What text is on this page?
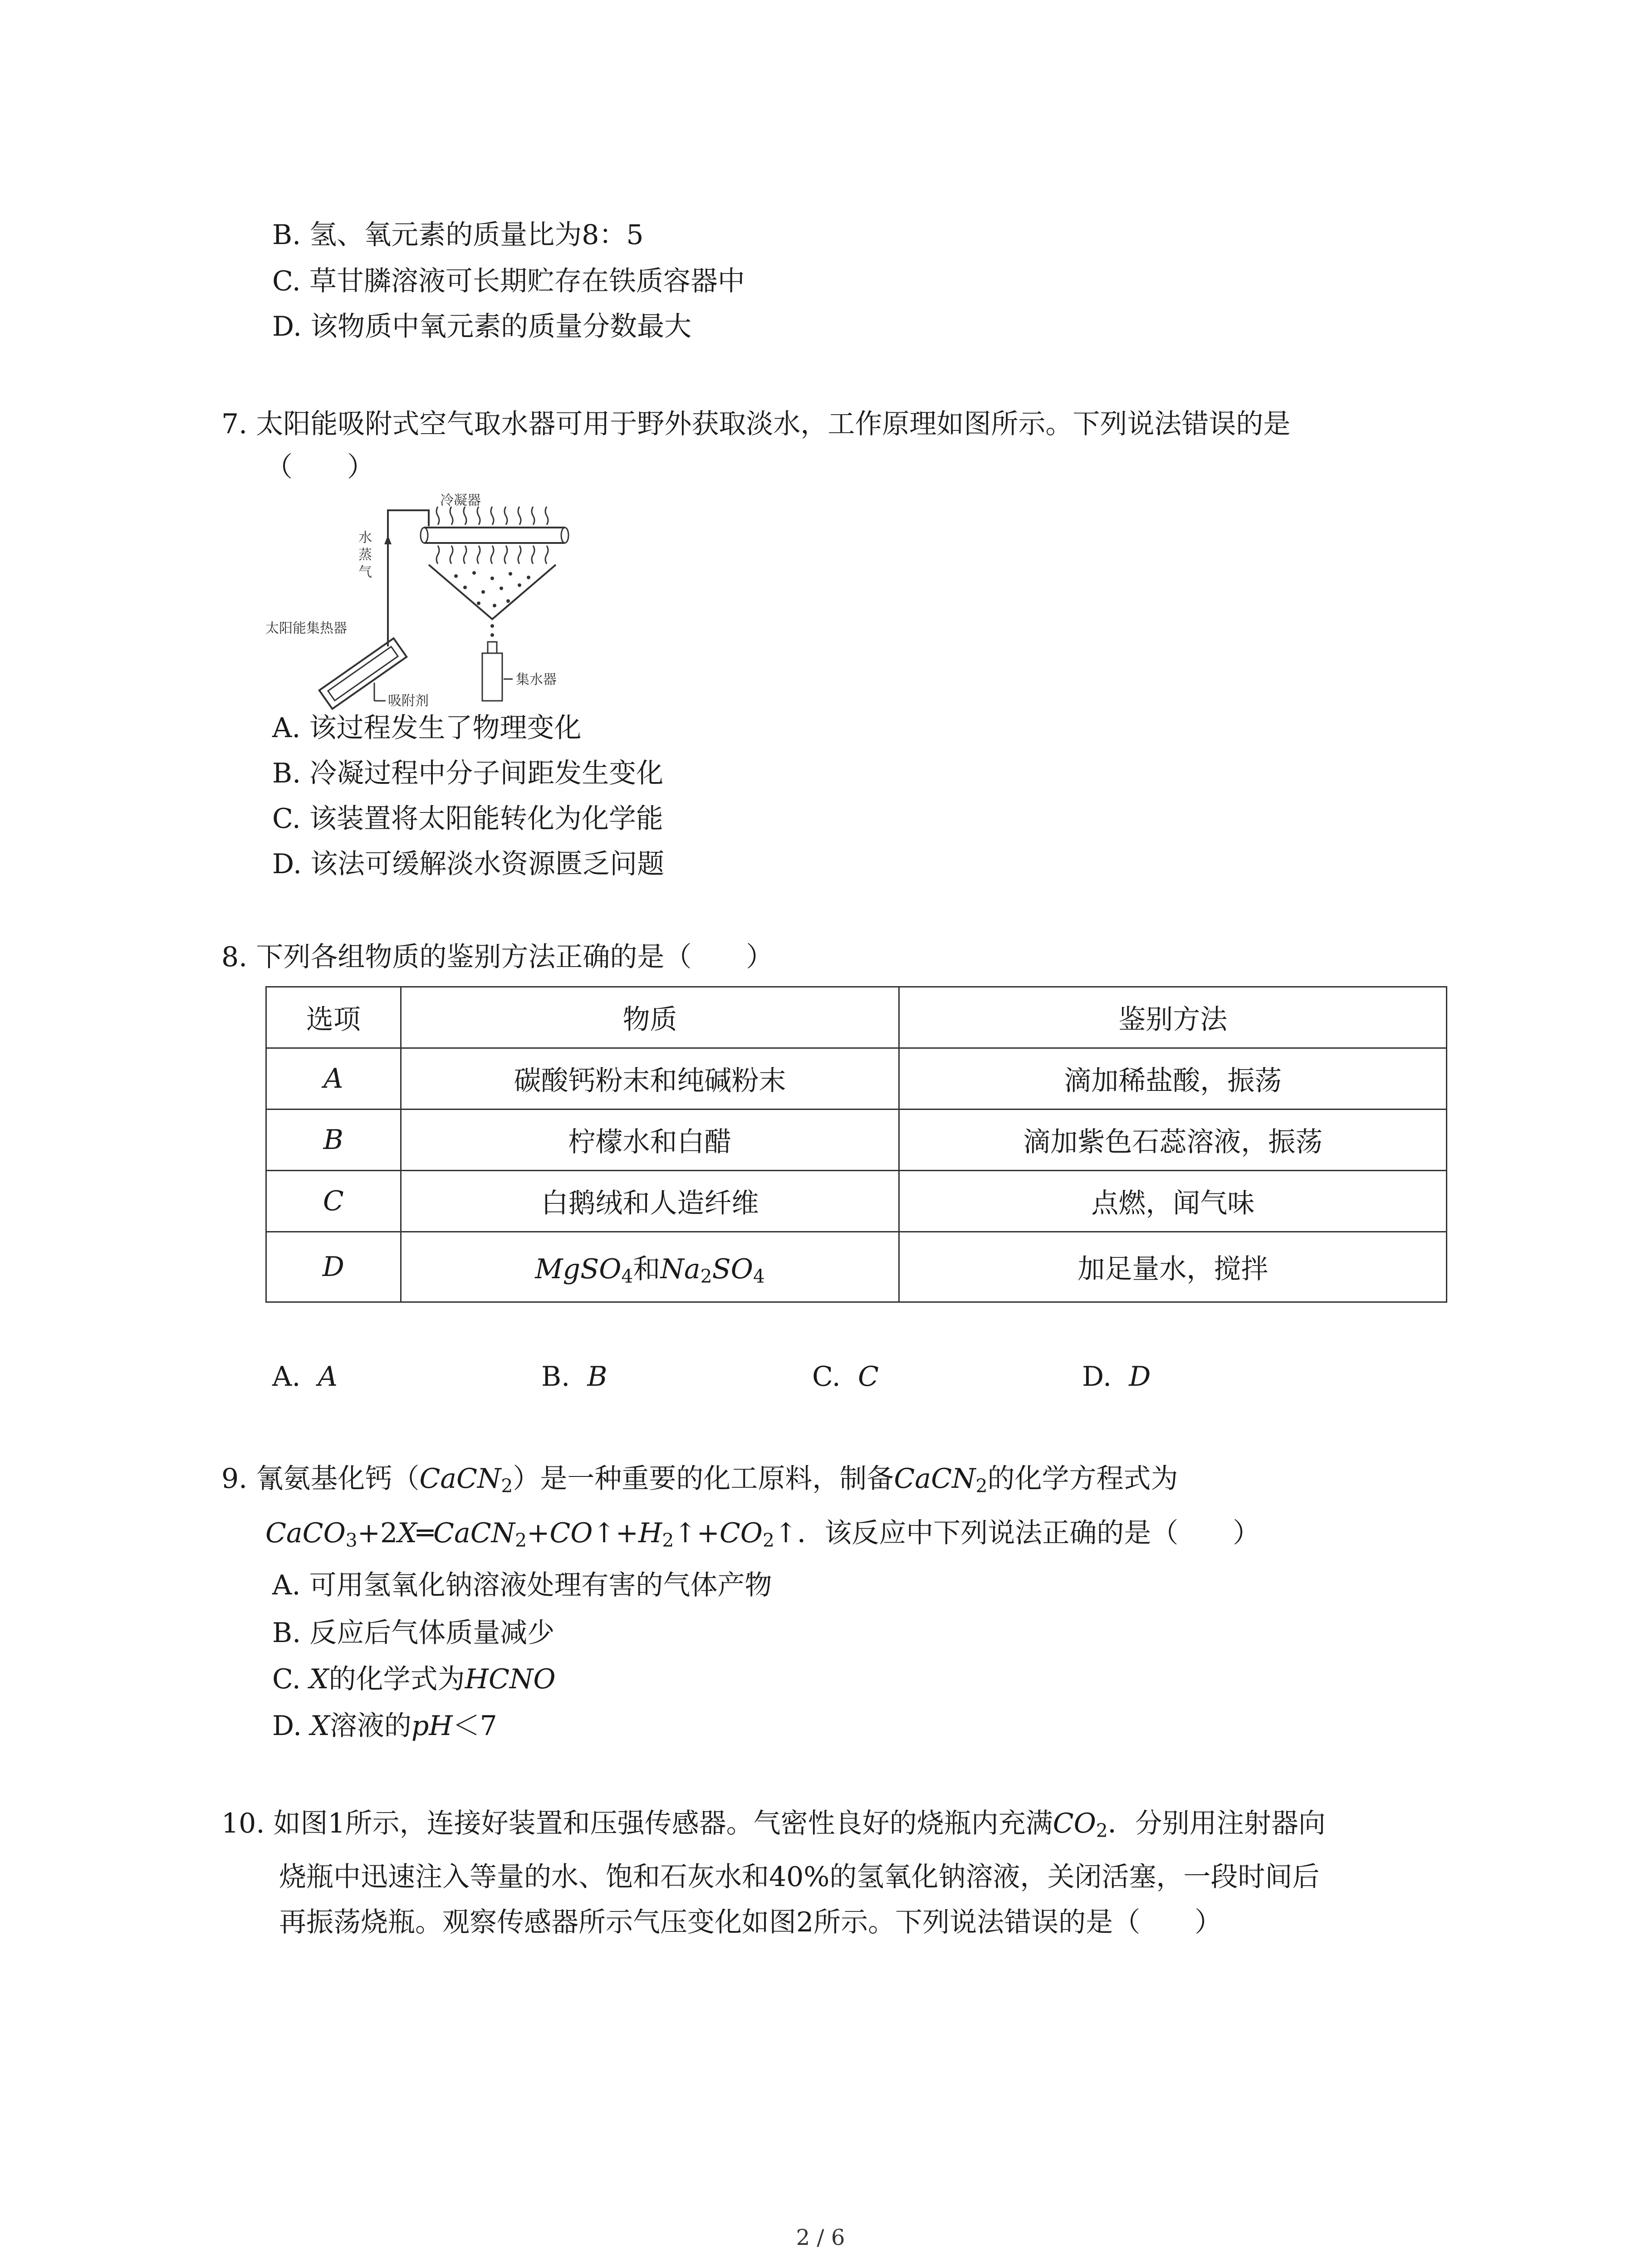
B. 氢、氧元素的质量比为8：5
C. 草甘膦溶液可长期贮存在铁质容器中
D. 该物质中氧元素的质量分数最大
7. 太阳能吸附式空气取水器可用于野外获取淡水，工作原理如图所示。下列说法错误的是
（　　）
冷凝器
水
蒸
气
太阳能集热器
集水器
吸附剂
A. 该过程发生了物理变化
B. 冷凝过程中分子间距发生变化
C. 该装置将太阳能转化为化学能
D. 该法可缓解淡水资源匮乏问题
8. 下列各组物质的鉴别方法正确的是（　　）
选项	物质	鉴别方法
A	碳酸钙粉末和纯碱粉末	滴加稀盐酸，振荡
B	柠檬水和白醋	滴加紫色石蕊溶液，振荡
C	白鹅绒和人造纤维	点燃，闻气味
D	MgSO$_4$和$Na_2SO_4$	加足量水，搅拌
A. A	B. B	C. C	D. D
9. 氰氨基化钙（CaCN$_2$）是一种重要的化工原料，制备CaCN$_2$的化学方程式为
$CaCO_3+2X═CaCN_2+CO↑+H_2↑+CO_2↑$．该反应中下列说法正确的是（　　）
A. 可用氢氧化钠溶液处理有害的气体产物
B. 反应后气体质量减少
C. X的化学式为HCNO
D. X溶液的pH＜7
10. 如图1所示，连接好装置和压强传感器。气密性良好的烧瓶内充满$CO_2$．分别用注射器向
烧瓶中迅速注入等量的水、饱和石灰水和40%的氢氧化钠溶液，关闭活塞，一段时间后
再振荡烧瓶。观察传感器所示气压变化如图2所示。下列说法错误的是（　　）
2 / 6
